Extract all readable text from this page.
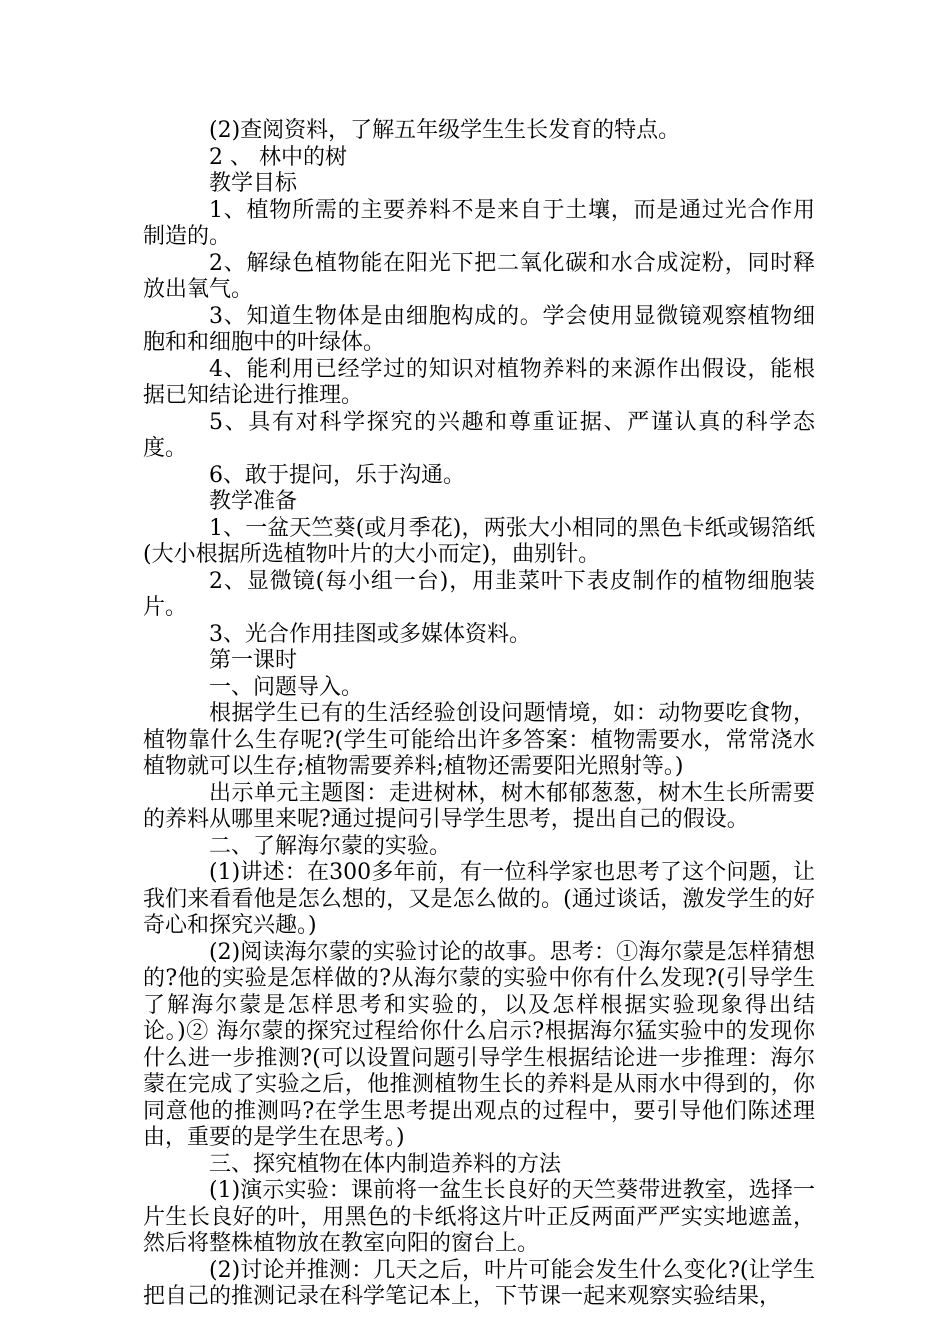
(2)查阅资料，了解五年级学生生长发育的特点。

2 、 林中的树

教学目标

1、植物所需的主要养料不是来自于土壤，而是通过光合作用制造的。

2、解绿色植物能在阳光下把二氧化碳和水合成淀粉，同时释放出氧气。

3、知道生物体是由细胞构成的。学会使用显微镜观察植物细胞和和细胞中的叶绿体。

4、能利用已经学过的知识对植物养料的来源作出假设，能根据已知结论进行推理。

5、具有对科学探究的兴趣和尊重证据、严谨认真的科学态度。

6、敢于提问，乐于沟通。

教学准备

1、一盆天竺葵(或月季花)，两张大小相同的黑色卡纸或锡箔纸(大小根据所选植物叶片的大小而定)，曲别针。

2、显微镜(每小组一台)，用韭菜叶下表皮制作的植物细胞装片。

3、光合作用挂图或多媒体资料。

第一课时

一、问题导入。

根据学生已有的生活经验创设问题情境，如：动物要吃食物，植物靠什么生存呢?(学生可能给出许多答案：植物需要水，常常浇水植物就可以生存;植物需要养料;植物还需要阳光照射等。)

出示单元主题图：走进树林，树木郁郁葱葱，树木生长所需要的养料从哪里来呢?通过提问引导学生思考，提出自己的假设。

二、了解海尔蒙的实验。

(1)讲述：在300多年前，有一位科学家也思考了这个问题，让我们来看看他是怎么想的，又是怎么做的。(通过谈话，激发学生的好奇心和探究兴趣。)

(2)阅读海尔蒙的实验讨论的故事。思考：①海尔蒙是怎样猜想的?他的实验是怎样做的?从海尔蒙的实验中你有什么发现?(引导学生了解海尔蒙是怎样思考和实验的，以及怎样根据实验现象得出结论。)② 海尔蒙的探究过程给你什么启示?根据海尔猛实验中的发现你什么进一步推测?(可以设置问题引导学生根据结论进一步推理：海尔蒙在完成了实验之后，他推测植物生长的养料是从雨水中得到的，你同意他的推测吗?在学生思考提出观点的过程中，要引导他们陈述理由，重要的是学生在思考。)

三、探究植物在体内制造养料的方法

(1)演示实验：课前将一盆生长良好的天竺葵带进教室，选择一片生长良好的叶，用黑色的卡纸将这片叶正反两面严严实实地遮盖，然后将整株植物放在教室向阳的窗台上。

(2)讨论并推测：几天之后，叶片可能会发生什么变化?(让学生把自己的推测记录在科学笔记本上，下节课一起来观察实验结果，
